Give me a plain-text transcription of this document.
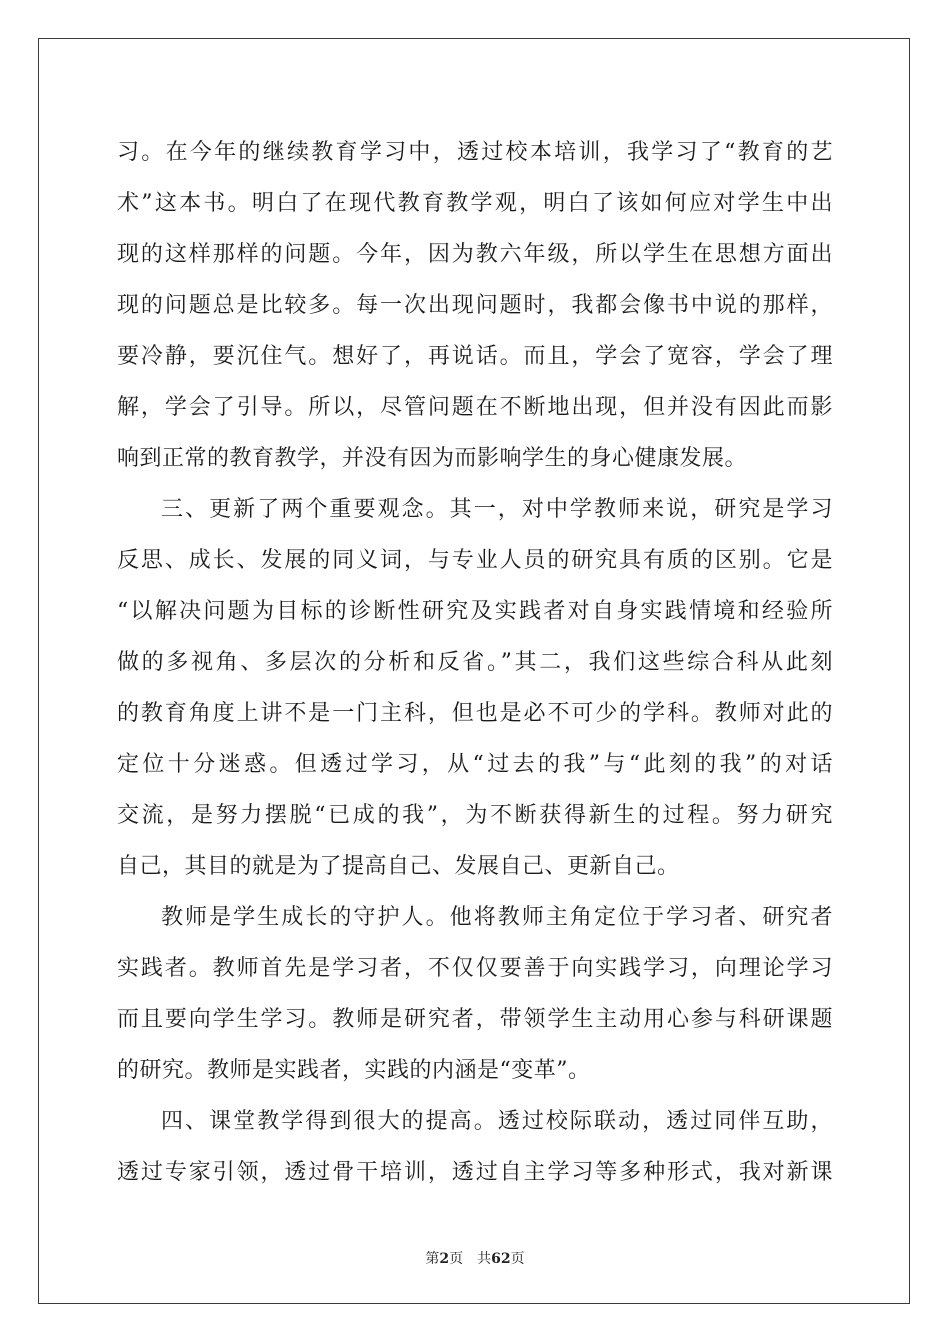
习。在今年的继续教育学习中，透过校本培训，我学习了“教育的艺
术”这本书。明白了在现代教育教学观，明白了该如何应对学生中出
现的这样那样的问题。今年，因为教六年级，所以学生在思想方面出
现的问题总是比较多。每一次出现问题时，我都会像书中说的那样，
要冷静，要沉住气。想好了，再说话。而且，学会了宽容，学会了理
解，学会了引导。所以，尽管问题在不断地出现，但并没有因此而影
响到正常的教育教学，并没有因为而影响学生的身心健康发展。
三、更新了两个重要观念。其一，对中学教师来说，研究是学习
反思、成长、发展的同义词，与专业人员的研究具有质的区别。它是
“以解决问题为目标的诊断性研究及实践者对自身实践情境和经验所
做的多视角、多层次的分析和反省。”其二，我们这些综合科从此刻
的教育角度上讲不是一门主科，但也是必不可少的学科。教师对此的
定位十分迷惑。但透过学习，从“过去的我”与“此刻的我”的对话
交流，是努力摆脱“已成的我”，为不断获得新生的过程。努力研究
自己，其目的就是为了提高自己、发展自己、更新自己。
教师是学生成长的守护人。他将教师主角定位于学习者、研究者
实践者。教师首先是学习者，不仅仅要善于向实践学习，向理论学习
而且要向学生学习。教师是研究者，带领学生主动用心参与科研课题
的研究。教师是实践者，实践的内涵是“变革”。
四、课堂教学得到很大的提高。透过校际联动，透过同伴互助，
透过专家引领，透过骨干培训，透过自主学习等多种形式，我对新课
第2页 共62页
